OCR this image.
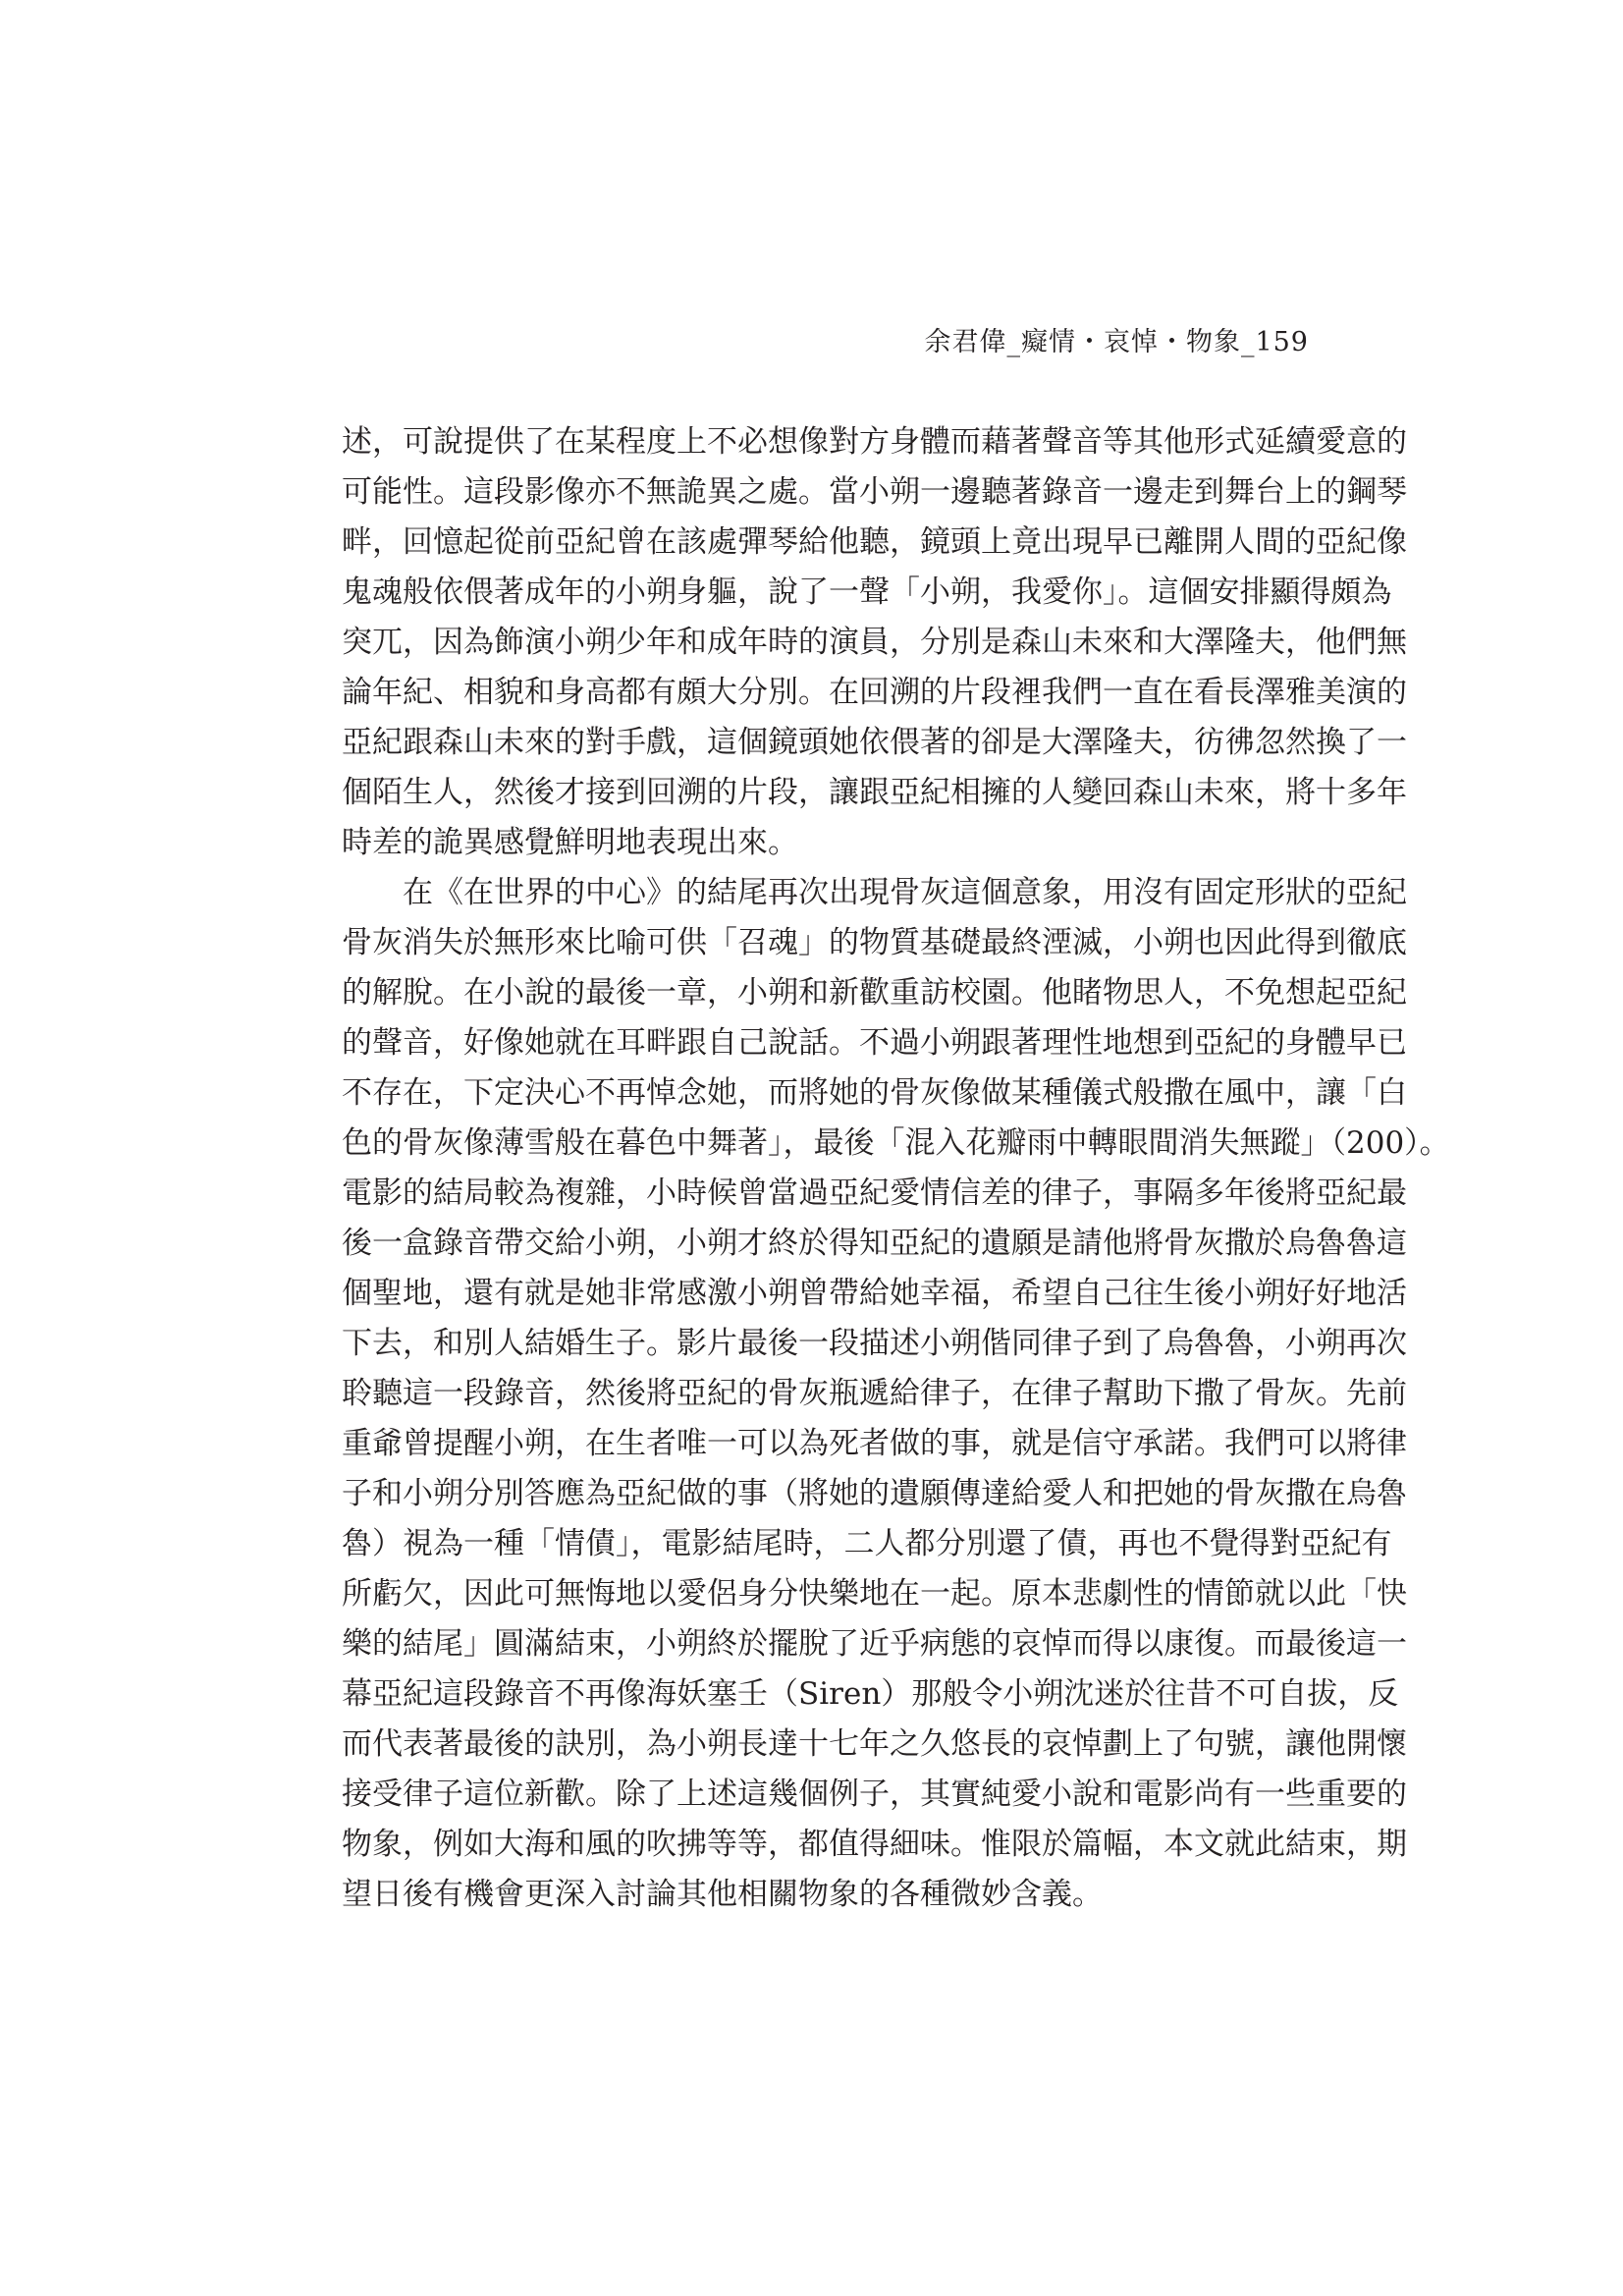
余君偉_癡情・哀悼・物象_159
述，可說提供了在某程度上不必想像對方身體而藉著聲音等其他形式延續愛意的
可能性。這段影像亦不無詭異之處。當小朔一邊聽著錄音一邊走到舞台上的鋼琴
畔，回憶起從前亞紀曾在該處彈琴給他聽，鏡頭上竟出現早已離開人間的亞紀像
鬼魂般依偎著成年的小朔身軀，說了一聲「小朔，我愛你」。這個安排顯得頗為
突兀，因為飾演小朔少年和成年時的演員，分別是森山未來和大澤隆夫，他們無
論年紀、相貌和身高都有頗大分別。在回溯的片段裡我們一直在看長澤雅美演的
亞紀跟森山未來的對手戲，這個鏡頭她依偎著的卻是大澤隆夫，彷彿忽然換了一
個陌生人，然後才接到回溯的片段，讓跟亞紀相擁的人變回森山未來，將十多年
時差的詭異感覺鮮明地表現出來。
在《在世界的中心》的結尾再次出現骨灰這個意象，用沒有固定形狀的亞紀
骨灰消失於無形來比喻可供「召魂」的物質基礎最終湮滅，小朔也因此得到徹底
的解脫。在小說的最後一章，小朔和新歡重訪校園。他睹物思人，不免想起亞紀
的聲音，好像她就在耳畔跟自己說話。不過小朔跟著理性地想到亞紀的身體早已
不存在，下定決心不再悼念她，而將她的骨灰像做某種儀式般撒在風中，讓「白
色的骨灰像薄雪般在暮色中舞著」，最後「混入花瓣雨中轉眼間消失無蹤」（200）。
電影的結局較為複雜，小時候曾當過亞紀愛情信差的律子，事隔多年後將亞紀最
後一盒錄音帶交給小朔，小朔才終於得知亞紀的遺願是請他將骨灰撒於烏魯魯這
個聖地，還有就是她非常感激小朔曾帶給她幸福，希望自己往生後小朔好好地活
下去，和別人結婚生子。影片最後一段描述小朔偕同律子到了烏魯魯，小朔再次
聆聽這一段錄音，然後將亞紀的骨灰瓶遞給律子，在律子幫助下撒了骨灰。先前
重爺曾提醒小朔，在生者唯一可以為死者做的事，就是信守承諾。我們可以將律
子和小朔分別答應為亞紀做的事（將她的遺願傳達給愛人和把她的骨灰撒在烏魯
魯）視為一種「情債」，電影結尾時，二人都分別還了債，再也不覺得對亞紀有
所虧欠，因此可無悔地以愛侶身分快樂地在一起。原本悲劇性的情節就以此「快
樂的結尾」圓滿結束，小朔終於擺脫了近乎病態的哀悼而得以康復。而最後這一
幕亞紀這段錄音不再像海妖塞壬（Siren）那般令小朔沈迷於往昔不可自拔，反
而代表著最後的訣別，為小朔長達十七年之久悠長的哀悼劃上了句號，讓他開懷
接受律子這位新歡。除了上述這幾個例子，其實純愛小說和電影尚有一些重要的
物象，例如大海和風的吹拂等等，都值得細味。惟限於篇幅，本文就此結束，期
望日後有機會更深入討論其他相關物象的各種微妙含義。
